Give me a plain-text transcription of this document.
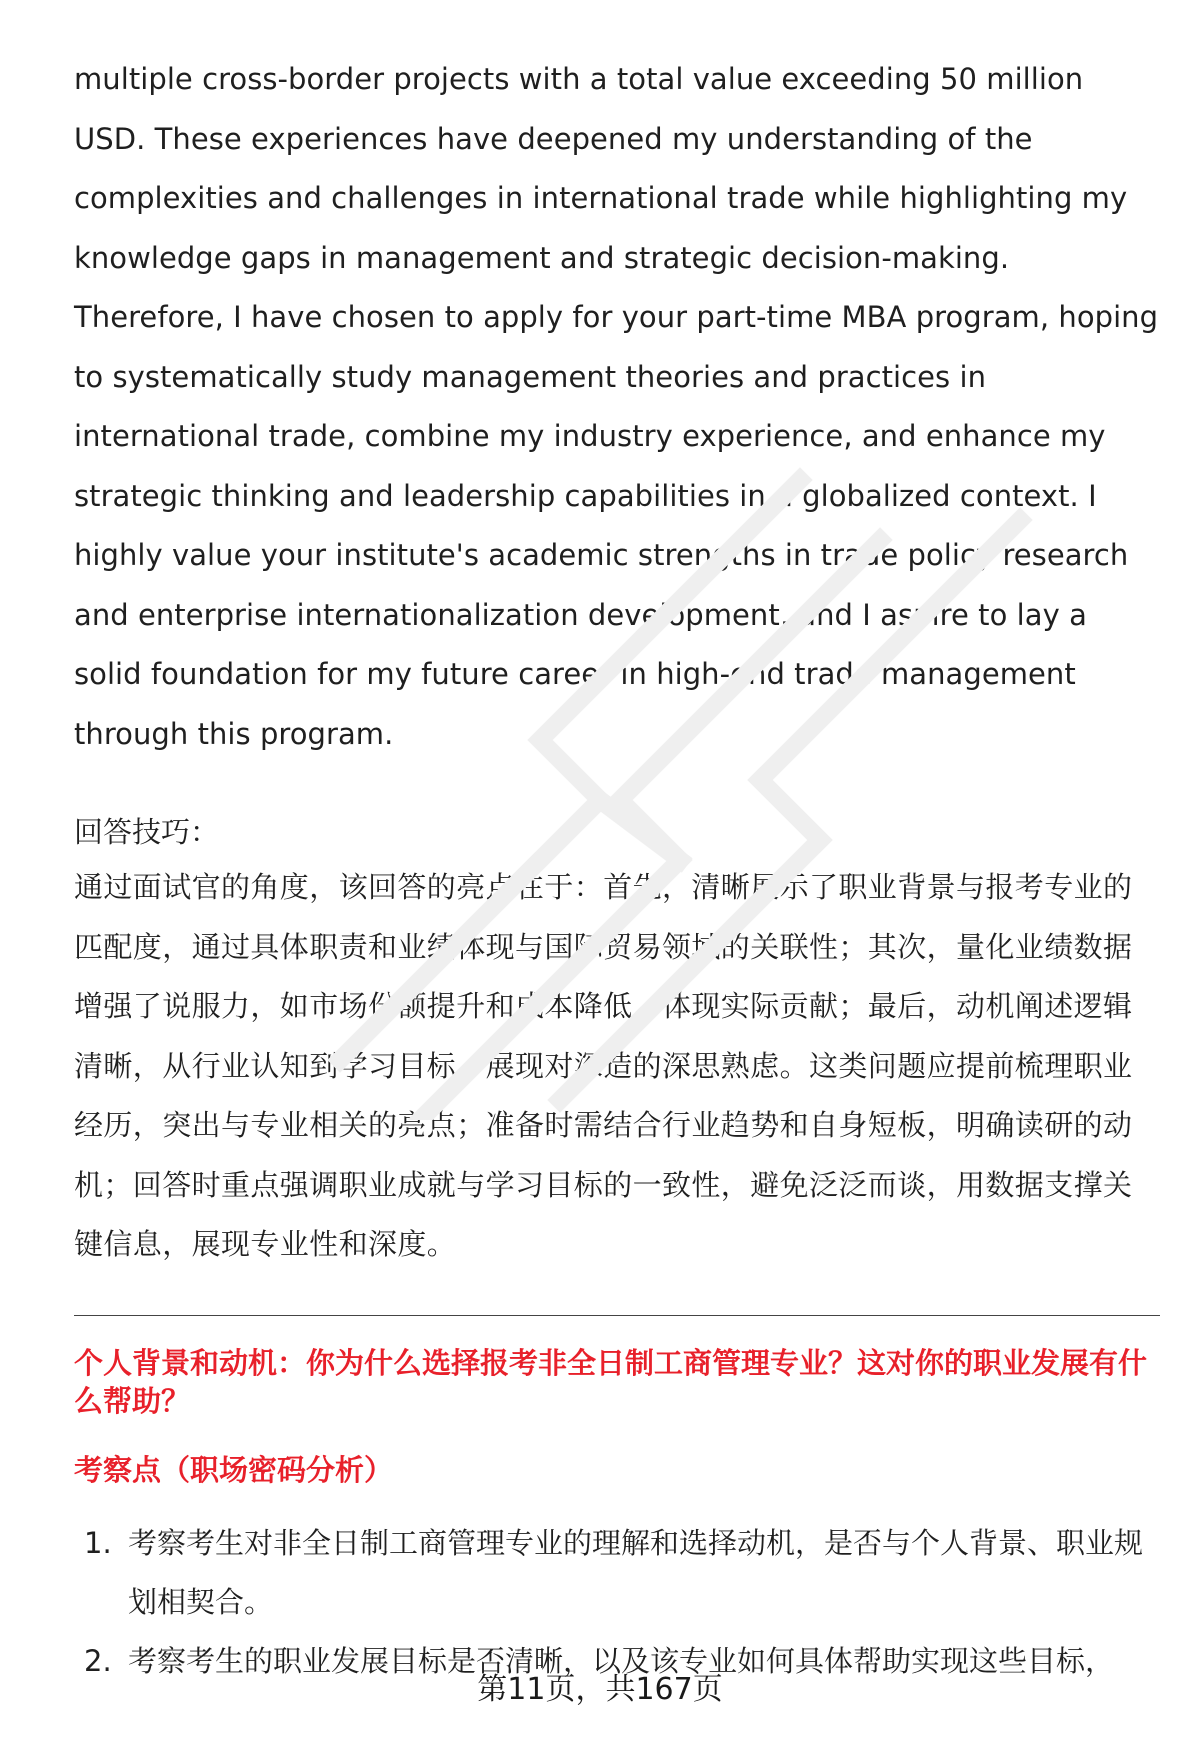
multiple cross-border projects with a total value exceeding 50 million USD. These experiences have deepened my understanding of the complexities and challenges in international trade while highlighting my knowledge gaps in management and strategic decision-making. Therefore, I have chosen to apply for your part-time MBA program, hoping to systematically study management theories and practices in international trade, combine my industry experience, and enhance my strategic thinking and leadership capabilities in a globalized context. I highly value your institute's academic strengths in trade policy research and enterprise internationalization development, and I aspire to lay a solid foundation for my future career in high-end trade management through this program.

回答技巧：

通过面试官的角度，该回答的亮点在于：首先，清晰展示了职业背景与报考专业的匹配度，通过具体职责和业绩体现与国际贸易领域的关联性；其次，量化业绩数据增强了说服力，如市场份额提升和成本降低，体现实际贡献；最后，动机阐述逻辑清晰，从行业认知到学习目标，展现对深造的深思熟虑。这类问题应提前梳理职业经历，突出与专业相关的亮点；准备时需结合行业趋势和自身短板，明确读研的动机；回答时重点强调职业成就与学习目标的一致性，避免泛泛而谈，用数据支撑关键信息，展现专业性和深度。

个人背景和动机：你为什么选择报考非全日制工商管理专业？这对你的职业发展有什么帮助？
考察点（职场密码分析）
1. 考察考生对非全日制工商管理专业的理解和选择动机，是否与个人背景、职业规划相契合。
2. 考察考生的职业发展目标是否清晰，以及该专业如何具体帮助实现这些目标，
第11页，共167页
